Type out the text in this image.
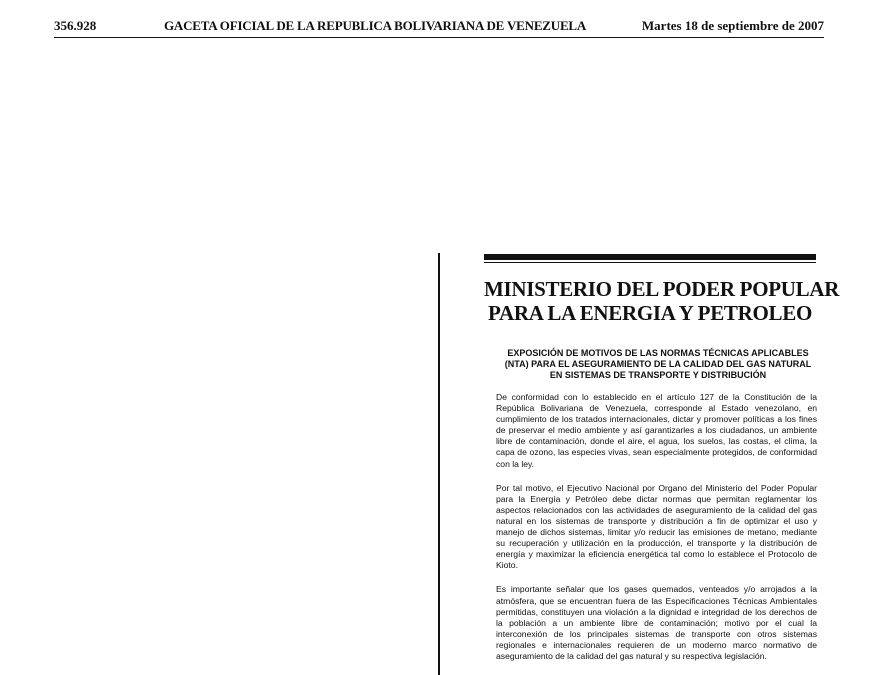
356.928	GACETA OFICIAL DE LA REPUBLICA BOLIVARIANA DE VENEZUELA	Martes 18 de septiembre de 2007
MINISTERIO DEL PODER POPULAR
PARA LA ENERGIA Y PETROLEO
EXPOSICIÓN DE MOTIVOS DE LAS NORMAS TÉCNICAS APLICABLES (NTA) PARA EL ASEGURAMIENTO DE LA CALIDAD DEL GAS NATURAL EN SISTEMAS DE TRANSPORTE Y DISTRIBUCIÓN

De conformidad con lo establecido en el artículo 127 de la Constitución de la República Bolivariana de Venezuela, corresponde al Estado venezolano, en cumplimiento de los tratados internacionales, dictar y promover políticas a los fines de preservar el medio ambiente y así garantizarles a los ciudadanos, un ambiente libre de contaminación, donde el aire, el agua, los suelos, las costas, el clima, la capa de ozono, las especies vivas, sean especialmente protegidos, de conformidad con la ley.

Por tal motivo, el Ejecutivo Nacional por Organo del Ministerio del Poder Popular para la Energía y Petróleo debe dictar normas que permitan reglamentar los aspectos relacionados con las actividades de aseguramiento de la calidad del gas natural en los sistemas de transporte y distribución a fin de optimizar el uso y manejo de dichos sistemas, limitar y/o reducir las emisiones de metano, mediante su recuperación y utilización en la producción, el transporte y la distribución de energía y maximizar la eficiencia energética tal como lo establece el Protocolo de Kioto.

Es importante señalar que los gases quemados, venteados y/o arrojados a la atmósfera, que se encuentran fuera de las Especificaciones Técnicas Ambientales permitidas, constituyen una violación a la dignidad e integridad de los derechos de la población a un ambiente libre de contaminación; motivo por el cual la interconexión de los principales sistemas de transporte con otros sistemas regionales e internacionales requieren de un moderno marco normativo de aseguramiento de la calidad del gas natural y su respectiva legislación.
